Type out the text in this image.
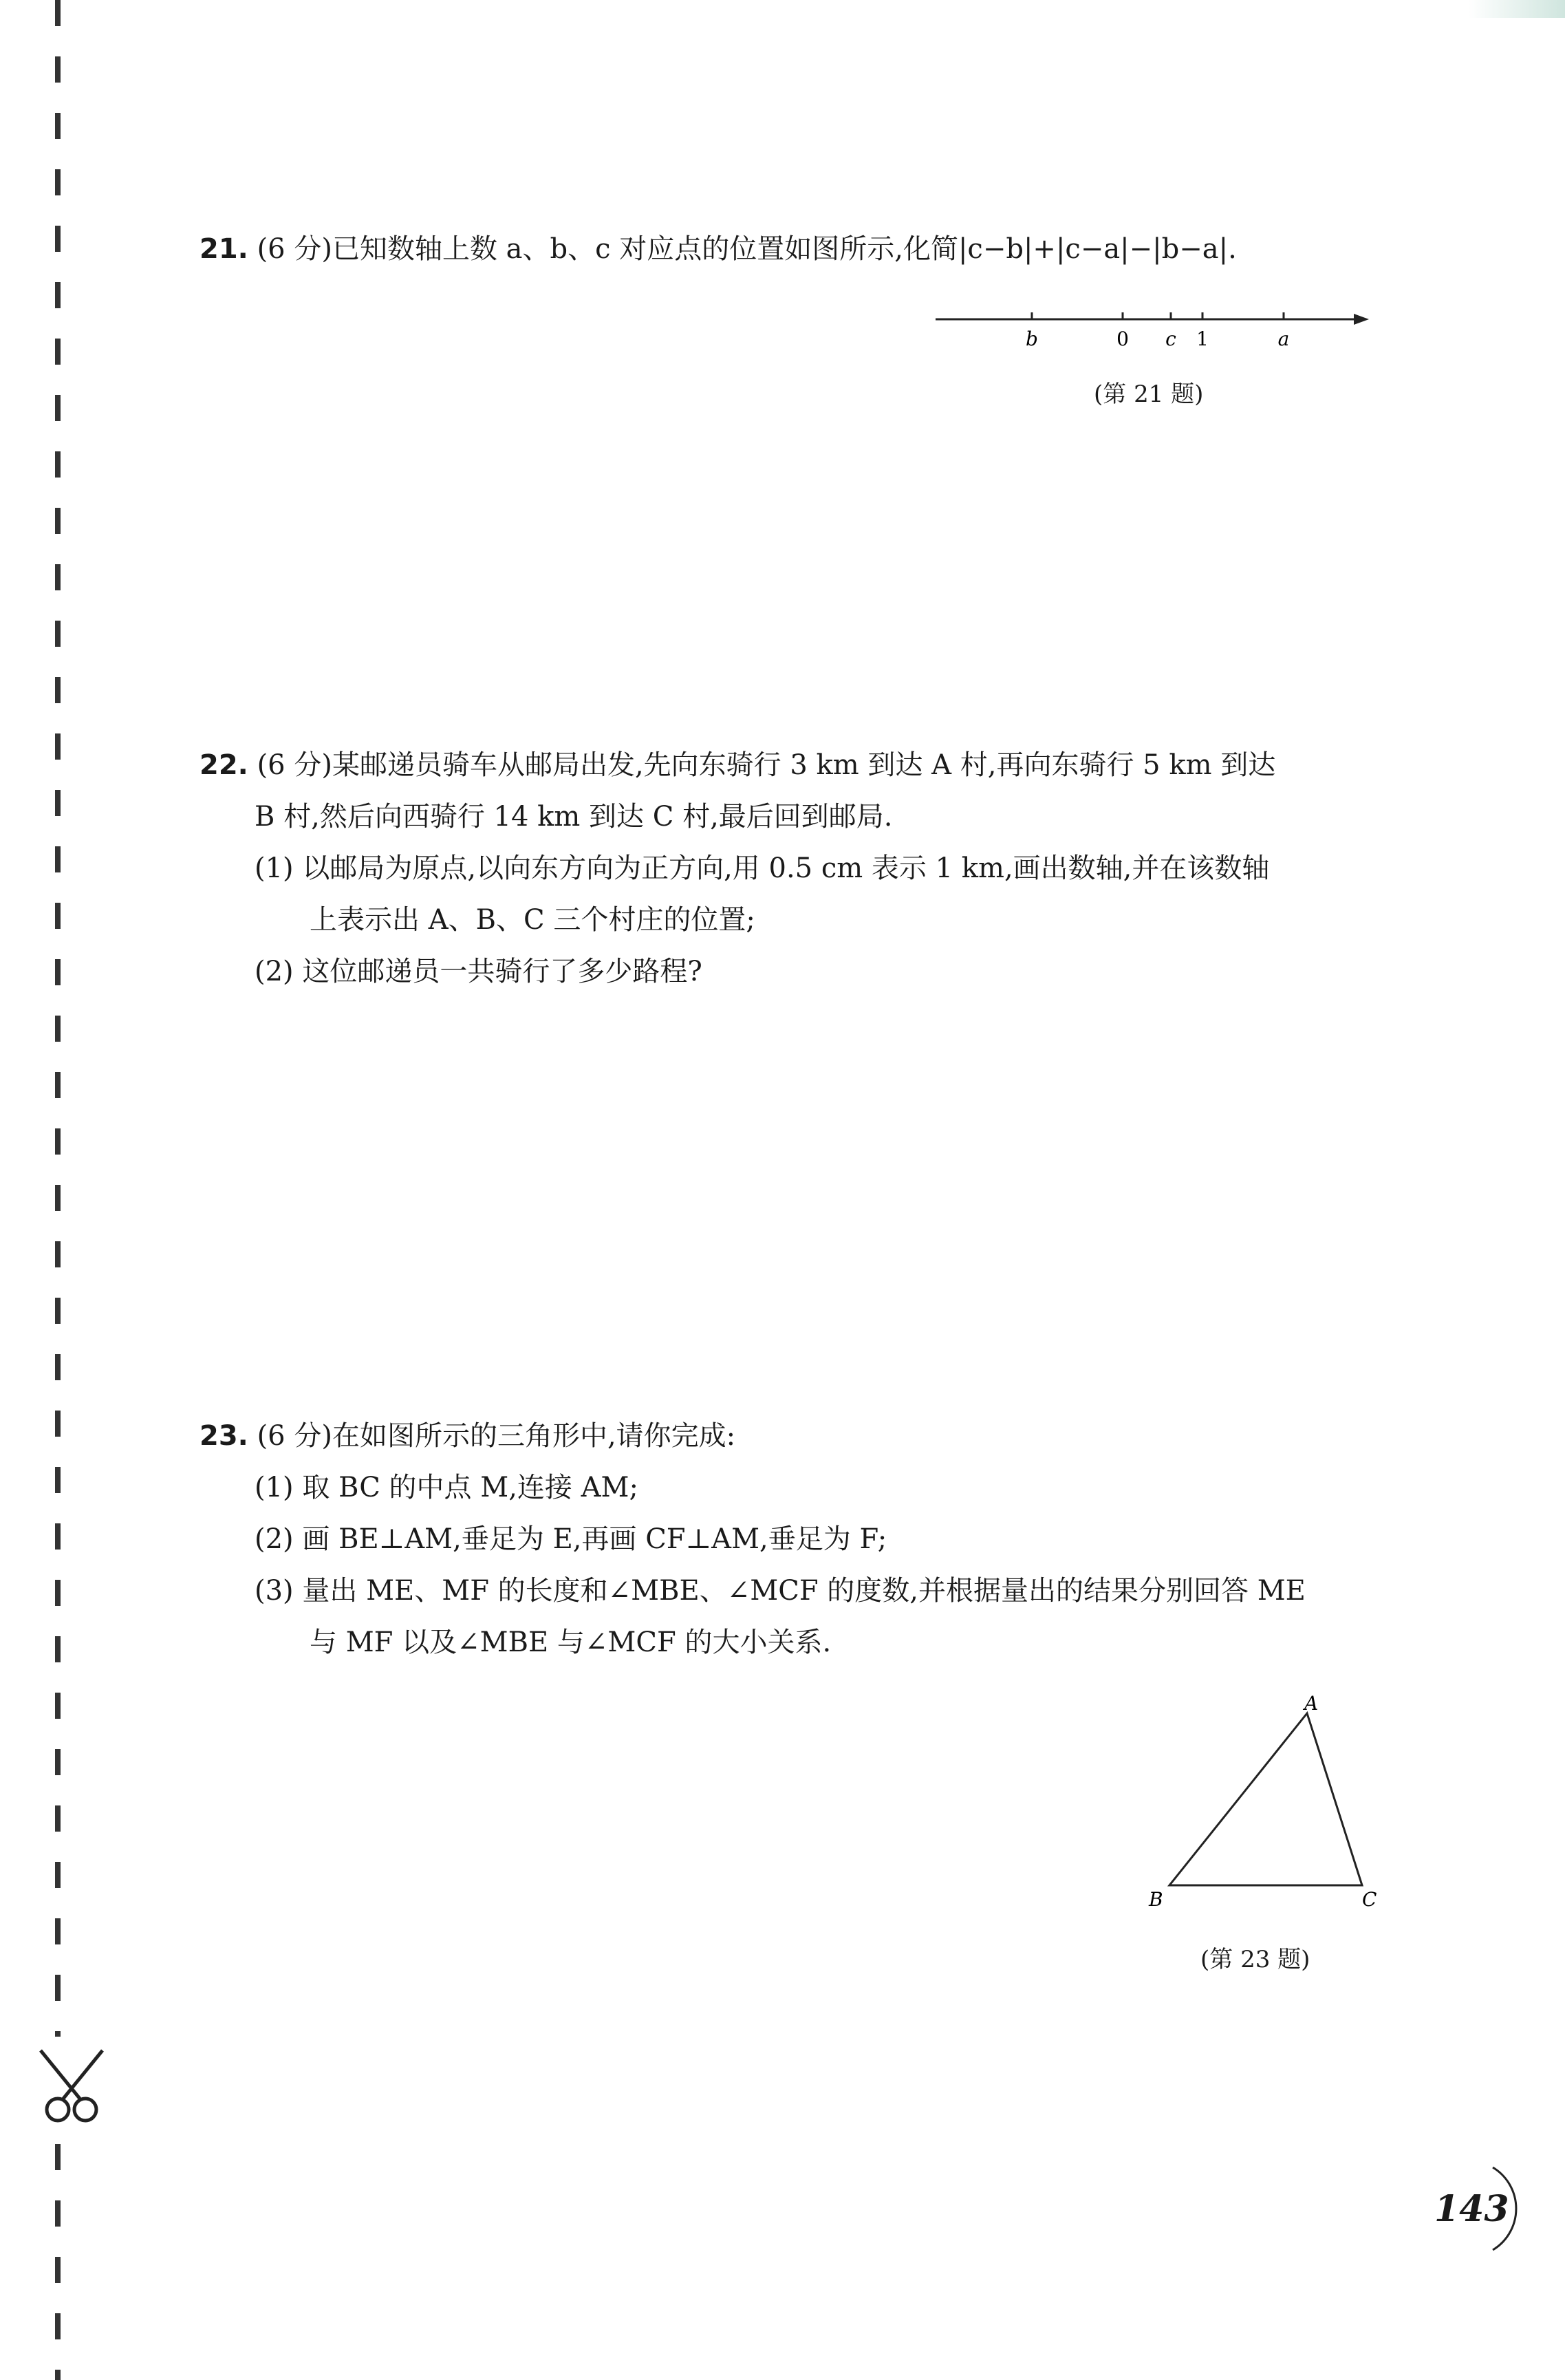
21. (6 分)已知数轴上数 a、b、c 对应点的位置如图所示,化简|c−b|+|c−a|−|b−a|.
b	0 c 1	a
(第 21 题)
22. (6 分)某邮递员骑车从邮局出发,先向东骑行 3 km 到达 A 村,再向东骑行 5 km 到达
B 村,然后向西骑行 14 km 到达 C 村,最后回到邮局.
(1) 以邮局为原点,以向东方向为正方向,用 0.5 cm 表示 1 km,画出数轴,并在该数轴
上表示出 A、B、C 三个村庄的位置;
(2) 这位邮递员一共骑行了多少路程?
23. (6 分)在如图所示的三角形中,请你完成:
(1) 取 BC 的中点 M,连接 AM;
(2) 画 BE⊥AM,垂足为 E,再画 CF⊥AM,垂足为 F;
(3) 量出 ME、MF 的长度和∠MBE、∠MCF 的度数,并根据量出的结果分别回答 ME
与 MF 以及∠MBE 与∠MCF 的大小关系.
A
B	C
(第 23 题)
143
